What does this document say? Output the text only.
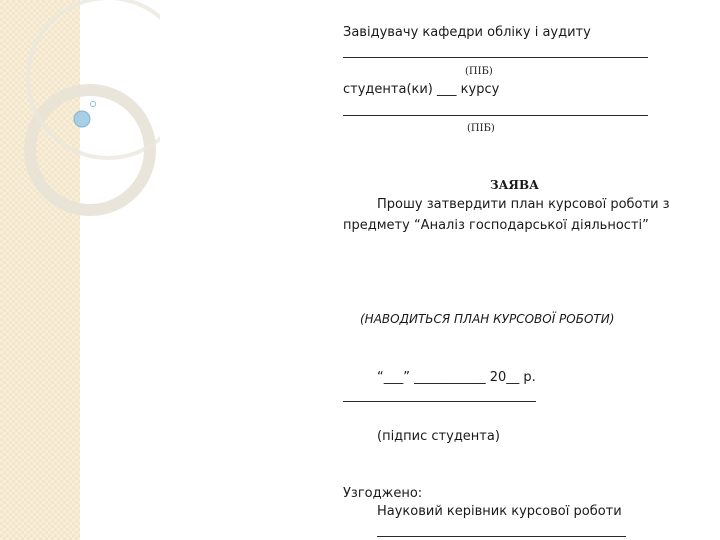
Завідувачу кафедри обліку і аудиту
(ПІБ)
студента(ки) ___ курсу
(ПІБ)
ЗАЯВА
Прошу затвердити план курсової роботи з
предмету “Аналіз господарської діяльності”
(НАВОДИТЬСЯ ПЛАН КУРСОВОЇ РОБОТИ)
“___” ___________ 20__ р.
(підпис студента)
Узгоджено:
Науковий керівник курсової роботи
